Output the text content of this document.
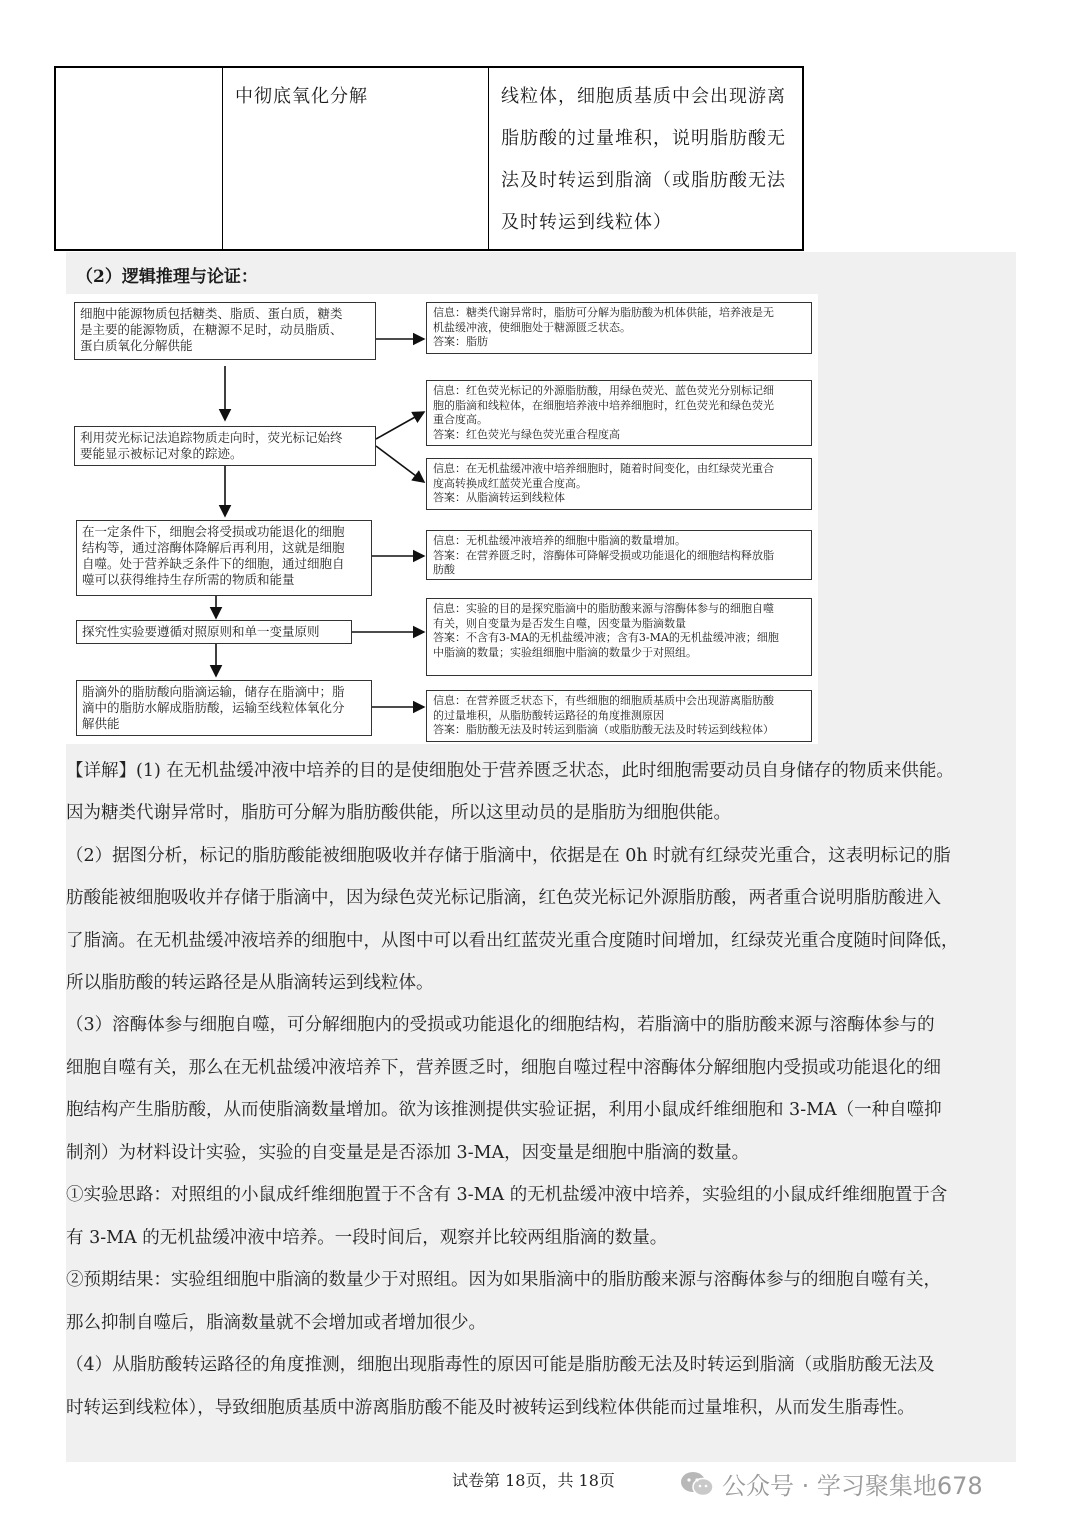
中彻底氧化分解	线粒体，细胞质基质中会出现游离
脂肪酸的过量堆积，说明脂肪酸无
法及时转运到脂滴（或脂肪酸无法
及时转运到线粒体）
（2）逻辑推理与论证：
细胞中能源物质包括糖类、脂质、蛋白质，糖类
是主要的能源物质，在糖源不足时，动员脂质、
蛋白质氧化分解供能
利用荧光标记法追踪物质走向时，荧光标记始终
要能显示被标记对象的踪迹。
在一定条件下，细胞会将受损或功能退化的细胞
结构等，通过溶酶体降解后再利用，这就是细胞
自噬。处于营养缺乏条件下的细胞，通过细胞自
噬可以获得维持生存所需的物质和能量
探究性实验要遵循对照原则和单一变量原则
脂滴外的脂肪酸向脂滴运输，储存在脂滴中；脂
滴中的脂肪水解成脂肪酸，运输至线粒体氧化分
解供能
信息：糖类代谢异常时，脂肪可分解为脂肪酸为机体供能，培养液是无
机盐缓冲液，使细胞处于糖源匮乏状态。
答案：脂肪
信息：红色荧光标记的外源脂肪酸，用绿色荧光、蓝色荧光分别标记细
胞的脂滴和线粒体，在细胞培养液中培养细胞时，红色荧光和绿色荧光
重合度高。
答案：红色荧光与绿色荧光重合程度高
信息：在无机盐缓冲液中培养细胞时，随着时间变化，由红绿荧光重合
度高转换成红蓝荧光重合度高。
答案：从脂滴转运到线粒体
信息：无机盐缓冲液培养的细胞中脂滴的数量增加。
答案：在营养匮乏时，溶酶体可降解受损或功能退化的细胞结构释放脂
肪酸
信息：实验的目的是探究脂滴中的脂肪酸来源与溶酶体参与的细胞自噬
有关，则自变量为是否发生自噬，因变量为脂滴数量
答案：不含有3-MA的无机盐缓冲液；含有3-MA的无机盐缓冲液；细胞
中脂滴的数量；实验组细胞中脂滴的数量少于对照组。
信息：在营养匮乏状态下，有些细胞的细胞质基质中会出现游离脂肪酸
的过量堆积，从脂肪酸转运路径的角度推测原因
答案：脂肪酸无法及时转运到脂滴（或脂肪酸无法及时转运到线粒体）
【详解】(1) 在无机盐缓冲液中培养的目的是使细胞处于营养匮乏状态，此时细胞需要动员自身储存的物质来供能。
因为糖类代谢异常时，脂肪可分解为脂肪酸供能，所以这里动员的是脂肪为细胞供能。
（2）据图分析，标记的脂肪酸能被细胞吸收并存储于脂滴中，依据是在 0h 时就有红绿荧光重合，这表明标记的脂
肪酸能被细胞吸收并存储于脂滴中，因为绿色荧光标记脂滴，红色荧光标记外源脂肪酸，两者重合说明脂肪酸进入
了脂滴。在无机盐缓冲液培养的细胞中，从图中可以看出红蓝荧光重合度随时间增加，红绿荧光重合度随时间降低，
所以脂肪酸的转运路径是从脂滴转运到线粒体。
（3）溶酶体参与细胞自噬，可分解细胞内的受损或功能退化的细胞结构，若脂滴中的脂肪酸来源与溶酶体参与的
细胞自噬有关，那么在无机盐缓冲液培养下，营养匮乏时，细胞自噬过程中溶酶体分解细胞内受损或功能退化的细
胞结构产生脂肪酸，从而使脂滴数量增加。欲为该推测提供实验证据，利用小鼠成纤维细胞和 3-MA（一种自噬抑
制剂）为材料设计实验，实验的自变量是是否添加 3-MA，因变量是细胞中脂滴的数量。
①实验思路：对照组的小鼠成纤维细胞置于不含有 3-MA 的无机盐缓冲液中培养，实验组的小鼠成纤维细胞置于含
有 3-MA 的无机盐缓冲液中培养。一段时间后，观察并比较两组脂滴的数量。
②预期结果：实验组细胞中脂滴的数量少于对照组。因为如果脂滴中的脂肪酸来源与溶酶体参与的细胞自噬有关，
那么抑制自噬后，脂滴数量就不会增加或者增加很少。
（4）从脂肪酸转运路径的角度推测，细胞出现脂毒性的原因可能是脂肪酸无法及时转运到脂滴（或脂肪酸无法及
时转运到线粒体），导致细胞质基质中游离脂肪酸不能及时被转运到线粒体供能而过量堆积，从而发生脂毒性。
试卷第 18页，共 18页	公众号 · 学习聚集地678
